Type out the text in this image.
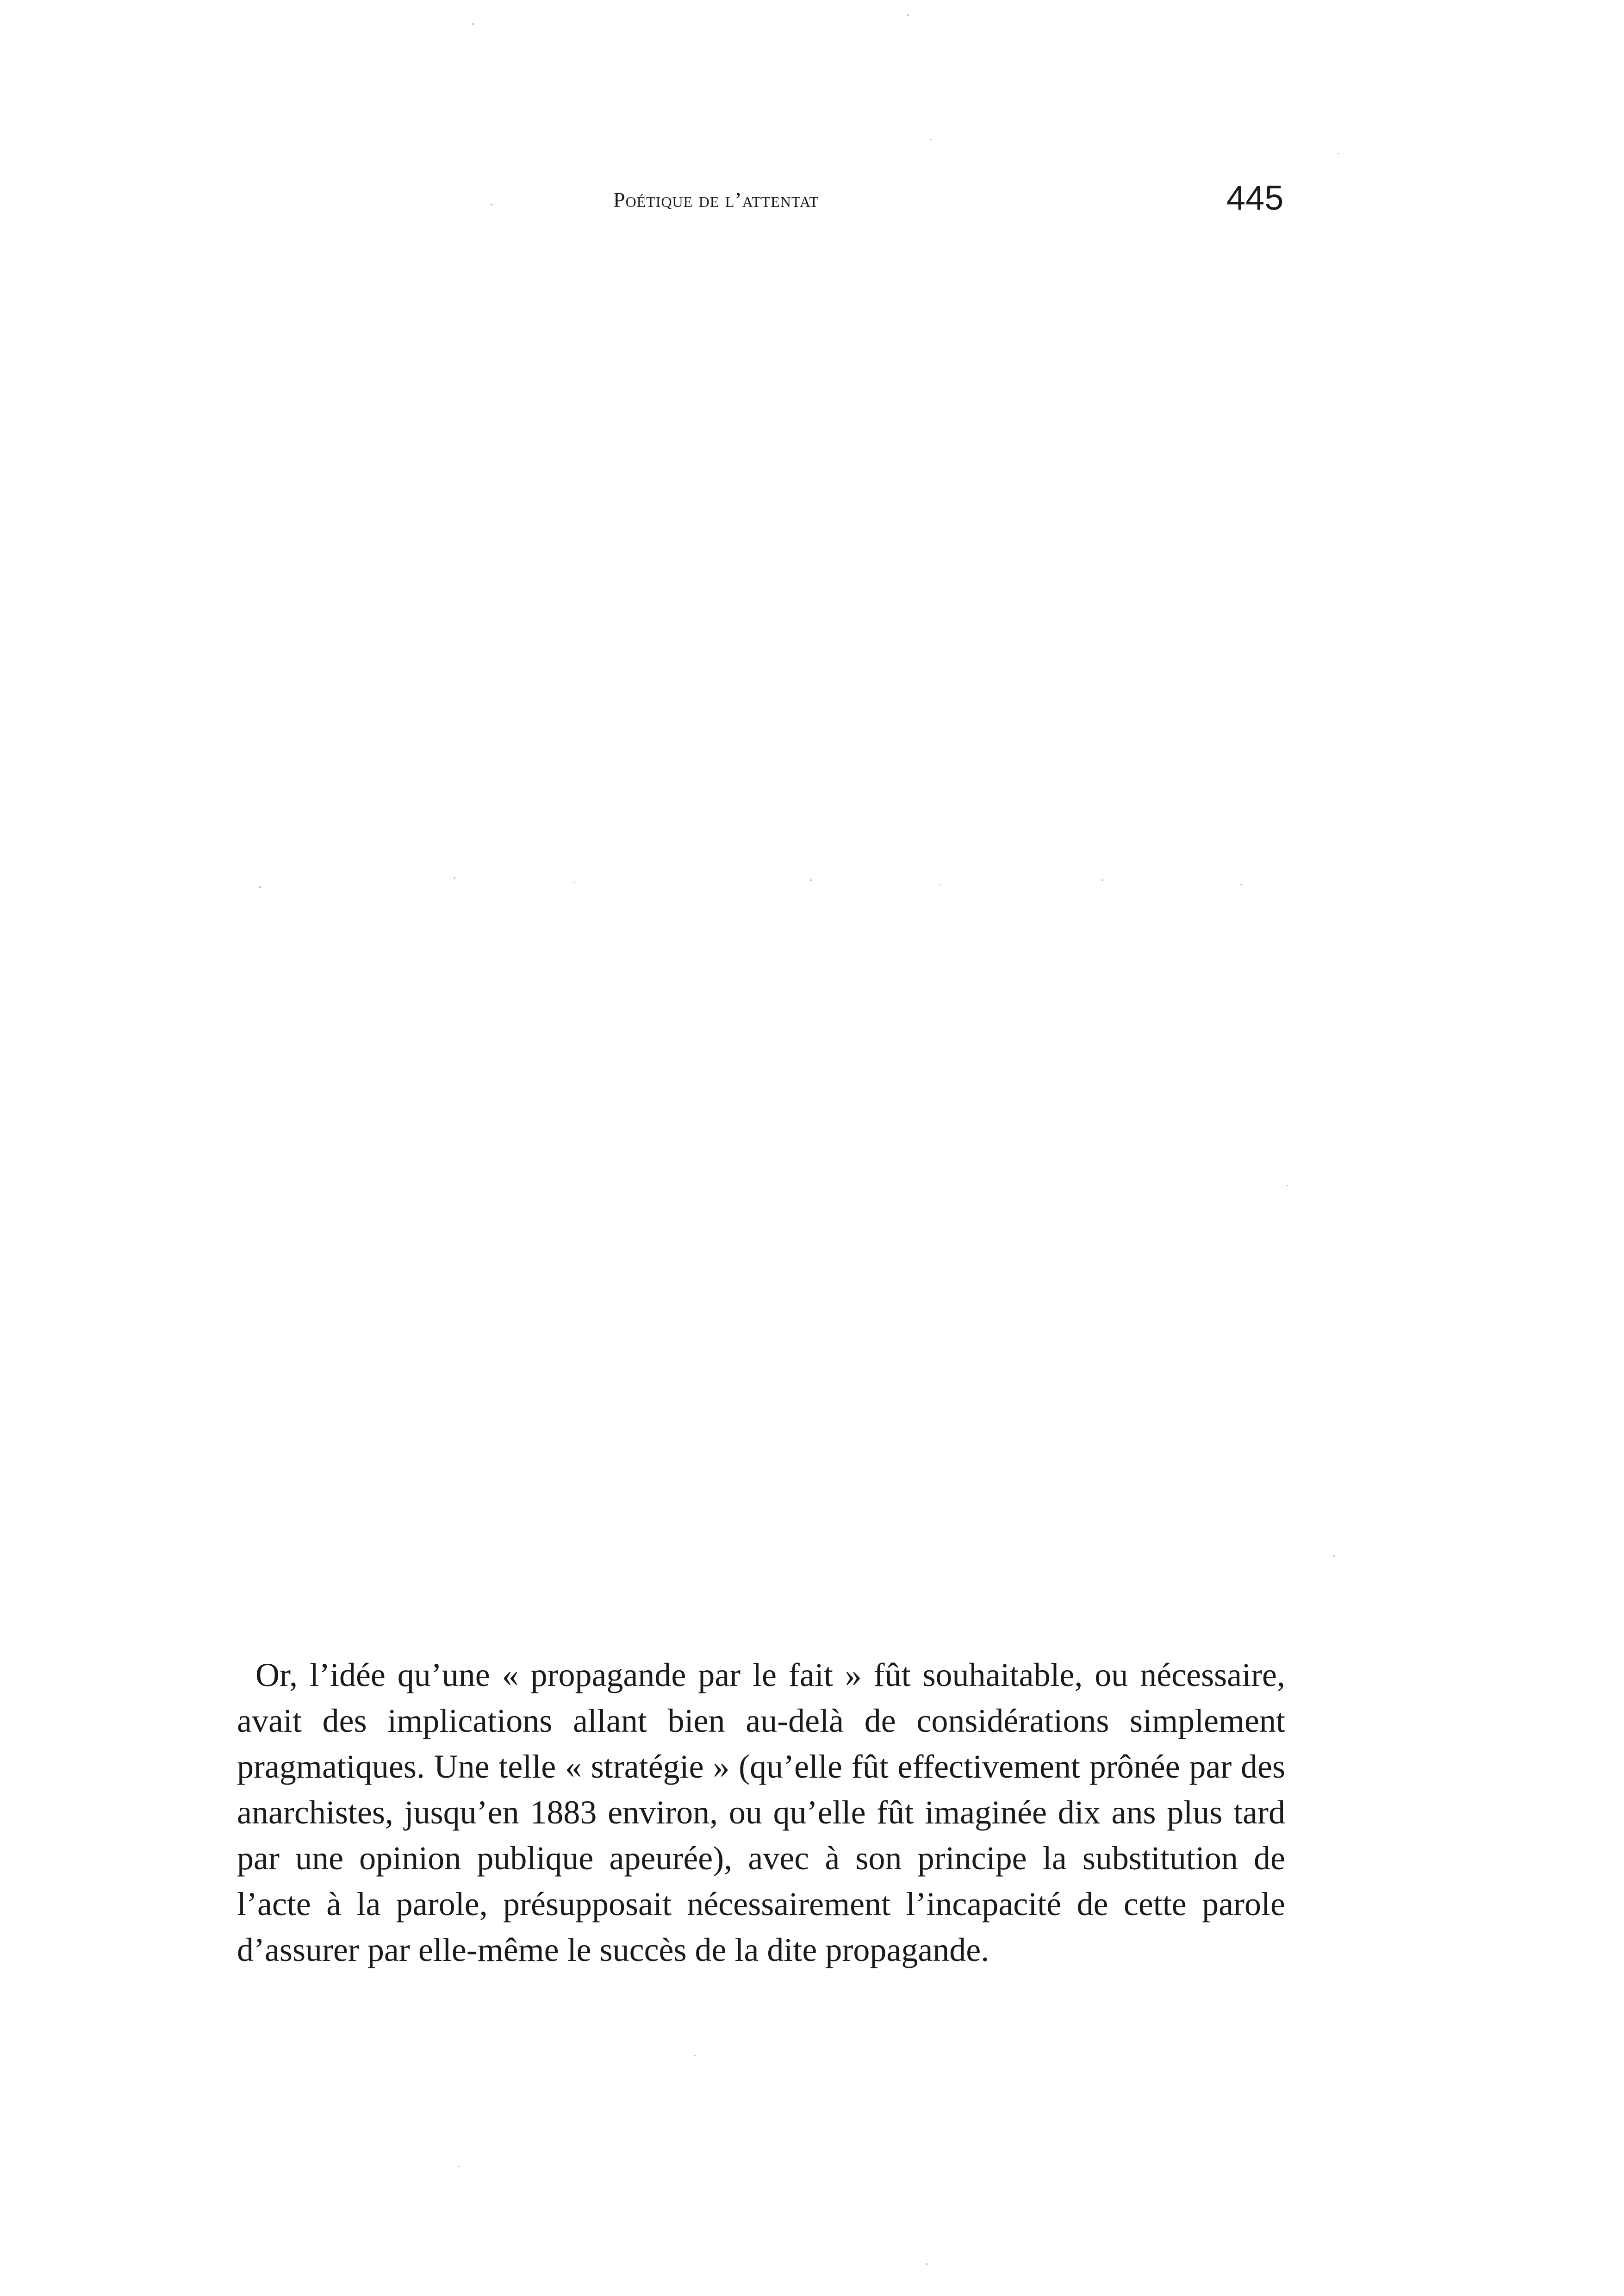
Poétique de l’attentat	445

Or, l’idée qu’une « propagande par le fait » fût souhaitable, ou nécessaire, avait des implications allant bien au-delà de considérations simplement pragmatiques. Une telle « stratégie » (qu’elle fût effectivement prônée par des anarchistes, jusqu’en 1883 environ, ou qu’elle fût imaginée dix ans plus tard par une opinion publique apeurée), avec à son principe la substitution de l’acte à la parole, présupposait nécessairement l’incapacité de cette parole d’assurer par elle-même le succès de la dite propagande.
